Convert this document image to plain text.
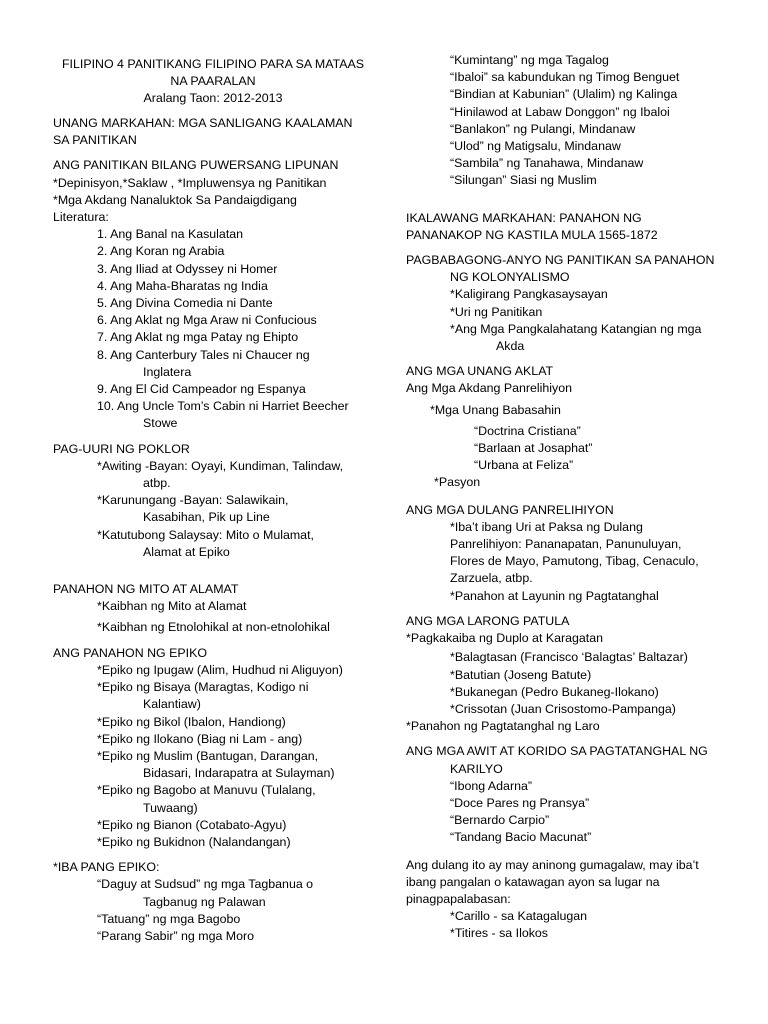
FILIPINO 4 PANITIKANG FILIPINO PARA SA MATAAS
NA PAARALAN
Aralang Taon: 2012-2013
UNANG MARKAHAN: MGA SANLIGANG KAALAMAN
SA PANITIKAN
ANG PANITIKAN BILANG PUWERSANG LIPUNAN
*Depinisyon,*Saklaw , *Impluwensya ng Panitikan
*Mga Akdang Nanaluktok Sa Pandaigdigang
Literatura:
1. Ang Banal na Kasulatan
2. Ang Koran ng Arabia
3. Ang Iliad at Odyssey ni Homer
4. Ang Maha-Bharatas ng India
5. Ang Divina Comedia ni Dante
6. Ang Aklat ng Mga Araw ni Confucious
7. Ang Aklat ng mga Patay ng Ehipto
8. Ang Canterbury Tales ni Chaucer ng
Inglatera
9. Ang El Cid Campeador ng Espanya
10. Ang Uncle Tom’s Cabin ni Harriet Beecher
Stowe
PAG-UURI NG POKLOR
*Awiting -Bayan: Oyayi, Kundiman, Talindaw,
atbp.
*Karunungang -Bayan: Salawikain,
Kasabihan, Pik up Line
*Katutubong Salaysay: Mito o Mulamat,
Alamat at Epiko
PANAHON NG MITO AT ALAMAT
*Kaibhan ng Mito at Alamat
*Kaibhan ng Etnolohikal at non-etnolohikal
ANG PANAHON NG EPIKO
*Epiko ng Ipugaw (Alim, Hudhud ni Aliguyon)
*Epiko ng Bisaya (Maragtas, Kodigo ni
Kalantiaw)
*Epiko ng Bikol (Ibalon, Handiong)
*Epiko ng Ilokano (Biag ni Lam - ang)
*Epiko ng Muslim (Bantugan, Darangan,
Bidasari, Indarapatra at Sulayman)
*Epiko ng Bagobo at Manuvu (Tulalang,
Tuwaang)
*Epiko ng Bianon (Cotabato-Agyu)
*Epiko ng Bukidnon (Nalandangan)
*IBA PANG EPIKO:
“Daguy at Sudsud” ng mga Tagbanua o
Tagbanug ng Palawan
“Tatuang” ng mga Bagobo
“Parang Sabir” ng mga Moro
“Kumintang” ng mga Tagalog
“Ibaloi” sa kabundukan ng Timog Benguet
“Bindian at Kabunian” (Ulalim) ng Kalinga
“Hinilawod at Labaw Donggon” ng Ibaloi
“Banlakon” ng Pulangi, Mindanaw
“Ulod” ng Matigsalu, Mindanaw
“Sambila” ng Tanahawa, Mindanaw
“Silungan” Siasi ng Muslim
IKALAWANG MARKAHAN: PANAHON NG
PANANAKOP NG KASTILA MULA 1565-1872
PAGBABAGONG-ANYO NG PANITIKAN SA PANAHON
NG KOLONYALISMO
*Kaligirang Pangkasaysayan
*Uri ng Panitikan
*Ang Mga Pangkalahatang Katangian ng mga
Akda
ANG MGA UNANG AKLAT
Ang Mga Akdang Panrelihiyon
*Mga Unang Babasahin
“Doctrina Cristiana”
“Barlaan at Josaphat”
“Urbana at Feliza”
*Pasyon
ANG MGA DULANG PANRELIHIYON
*Iba’t ibang Uri at Paksa ng Dulang
Panrelihiyon: Pananapatan, Panunuluyan,
Flores de Mayo, Pamutong, Tibag, Cenaculo,
Zarzuela, atbp.
*Panahon at Layunin ng Pagtatanghal
ANG MGA LARONG PATULA
*Pagkakaiba ng Duplo at Karagatan
*Balagtasan (Francisco ‘Balagtas’ Baltazar)
*Batutian (Joseng Batute)
*Bukanegan (Pedro Bukaneg-Ilokano)
*Crissotan (Juan Crisostomo-Pampanga)
*Panahon ng Pagtatanghal ng Laro
ANG MGA AWIT AT KORIDO SA PAGTATANGHAL NG
KARILYO
“Ibong Adarna”
“Doce Pares ng Pransya”
“Bernardo Carpio”
“Tandang Bacio Macunat”
Ang dulang ito ay may aninong gumagalaw, may iba’t
ibang pangalan o katawagan ayon sa lugar na
pinagpapalabasan:
*Carillo - sa Katagalugan
*Titires - sa Ilokos
